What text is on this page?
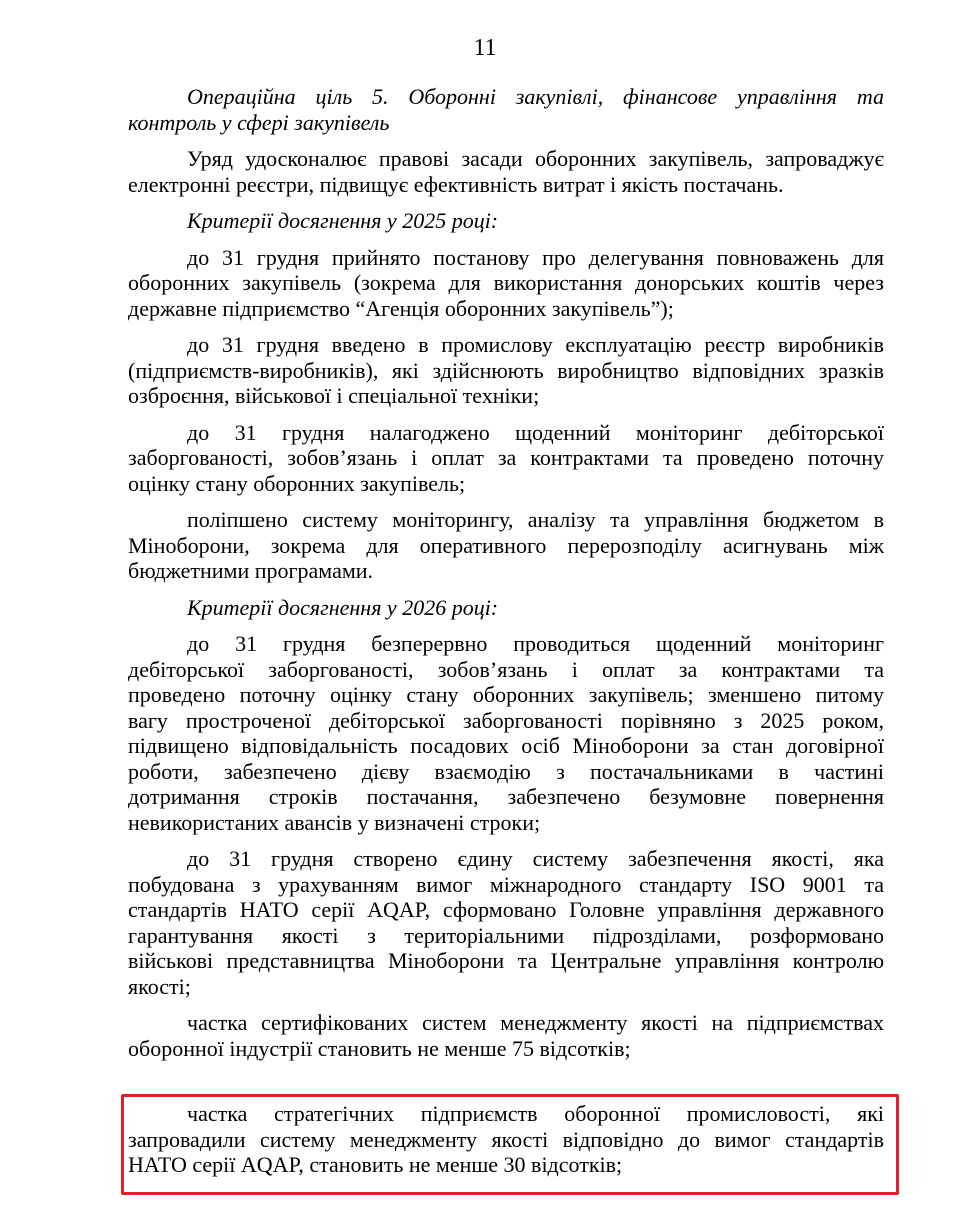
11
Операційна ціль 5. Оборонні закупівлі, фінансове управління та
контроль у сфері закупівель
Уряд удосконалює правові засади оборонних закупівель, запроваджує
електронні реєстри, підвищує ефективність витрат і якість постачань.
Критерії досягнення у 2025 році:
до 31 грудня прийнято постанову про делегування повноважень для
оборонних закупівель (зокрема для використання донорських коштів через
державне підприємство “Агенція оборонних закупівель”);
до 31 грудня введено в промислову експлуатацію реєстр виробників
(підприємств-виробників), які здійснюють виробництво відповідних зразків
озброєння, військової і спеціальної техніки;
до 31 грудня налагоджено щоденний моніторинг дебіторської
заборгованості, зобов’язань і оплат за контрактами та проведено поточну
оцінку стану оборонних закупівель;
поліпшено систему моніторингу, аналізу та управління бюджетом в
Міноборони, зокрема для оперативного перерозподілу асигнувань між
бюджетними програмами.
Критерії досягнення у 2026 році:
до 31 грудня безперервно проводиться щоденний моніторинг
дебіторської заборгованості, зобов’язань і оплат за контрактами та
проведено поточну оцінку стану оборонних закупівель; зменшено питому
вагу простроченої дебіторської заборгованості порівняно з 2025 роком,
підвищено відповідальність посадових осіб Міноборони за стан договірної
роботи, забезпечено дієву взаємодію з постачальниками в частині
дотримання строків постачання, забезпечено безумовне повернення
невикористаних авансів у визначені строки;
до 31 грудня створено єдину систему забезпечення якості, яка
побудована з урахуванням вимог міжнародного стандарту ISO 9001 та
стандартів НАТО серії AQAP, сформовано Головне управління державного
гарантування якості з територіальними підрозділами, розформовано
військові представництва Міноборони та Центральне управління контролю
якості;
частка сертифікованих систем менеджменту якості на підприємствах
оборонної індустрії становить не менше 75 відсотків;
частка стратегічних підприємств оборонної промисловості, які
запровадили систему менеджменту якості відповідно до вимог стандартів
НАТО серії AQAP, становить не менше 30 відсотків;
